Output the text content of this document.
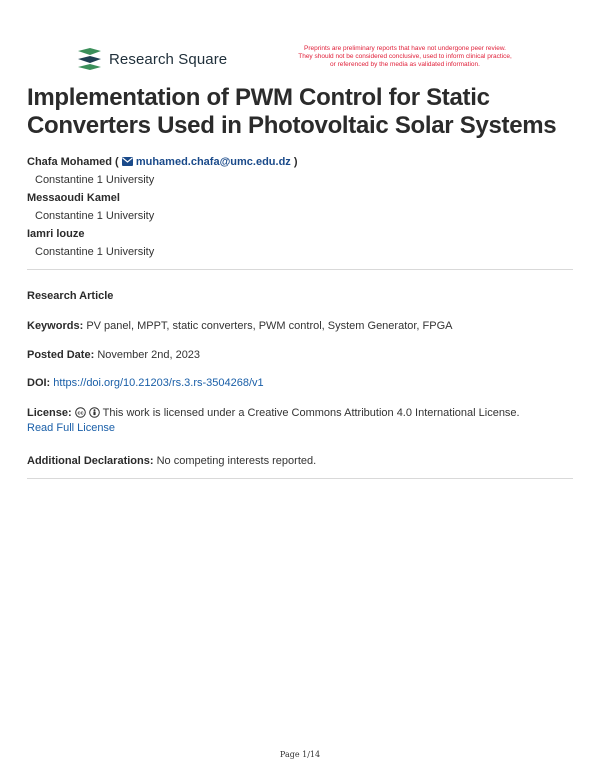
Research Square
Preprints are preliminary reports that have not undergone peer review.
They should not be considered conclusive, used to inform clinical practice,
or referenced by the media as validated information.
Implementation of PWM Control for Static Converters Used in Photovoltaic Solar Systems
Chafa Mohamed ( muhamed.chafa@umc.edu.dz )
Constantine 1 University
Messaoudi Kamel
Constantine 1 University
Iamri louze
Constantine 1 University
Research Article
Keywords: PV panel, MPPT, static converters, PWM control, System Generator, FPGA
Posted Date: November 2nd, 2023
DOI: https://doi.org/10.21203/rs.3.rs-3504268/v1
License: cc This work is licensed under a Creative Commons Attribution 4.0 International License.
Read Full License
Additional Declarations: No competing interests reported.
Page 1/14
